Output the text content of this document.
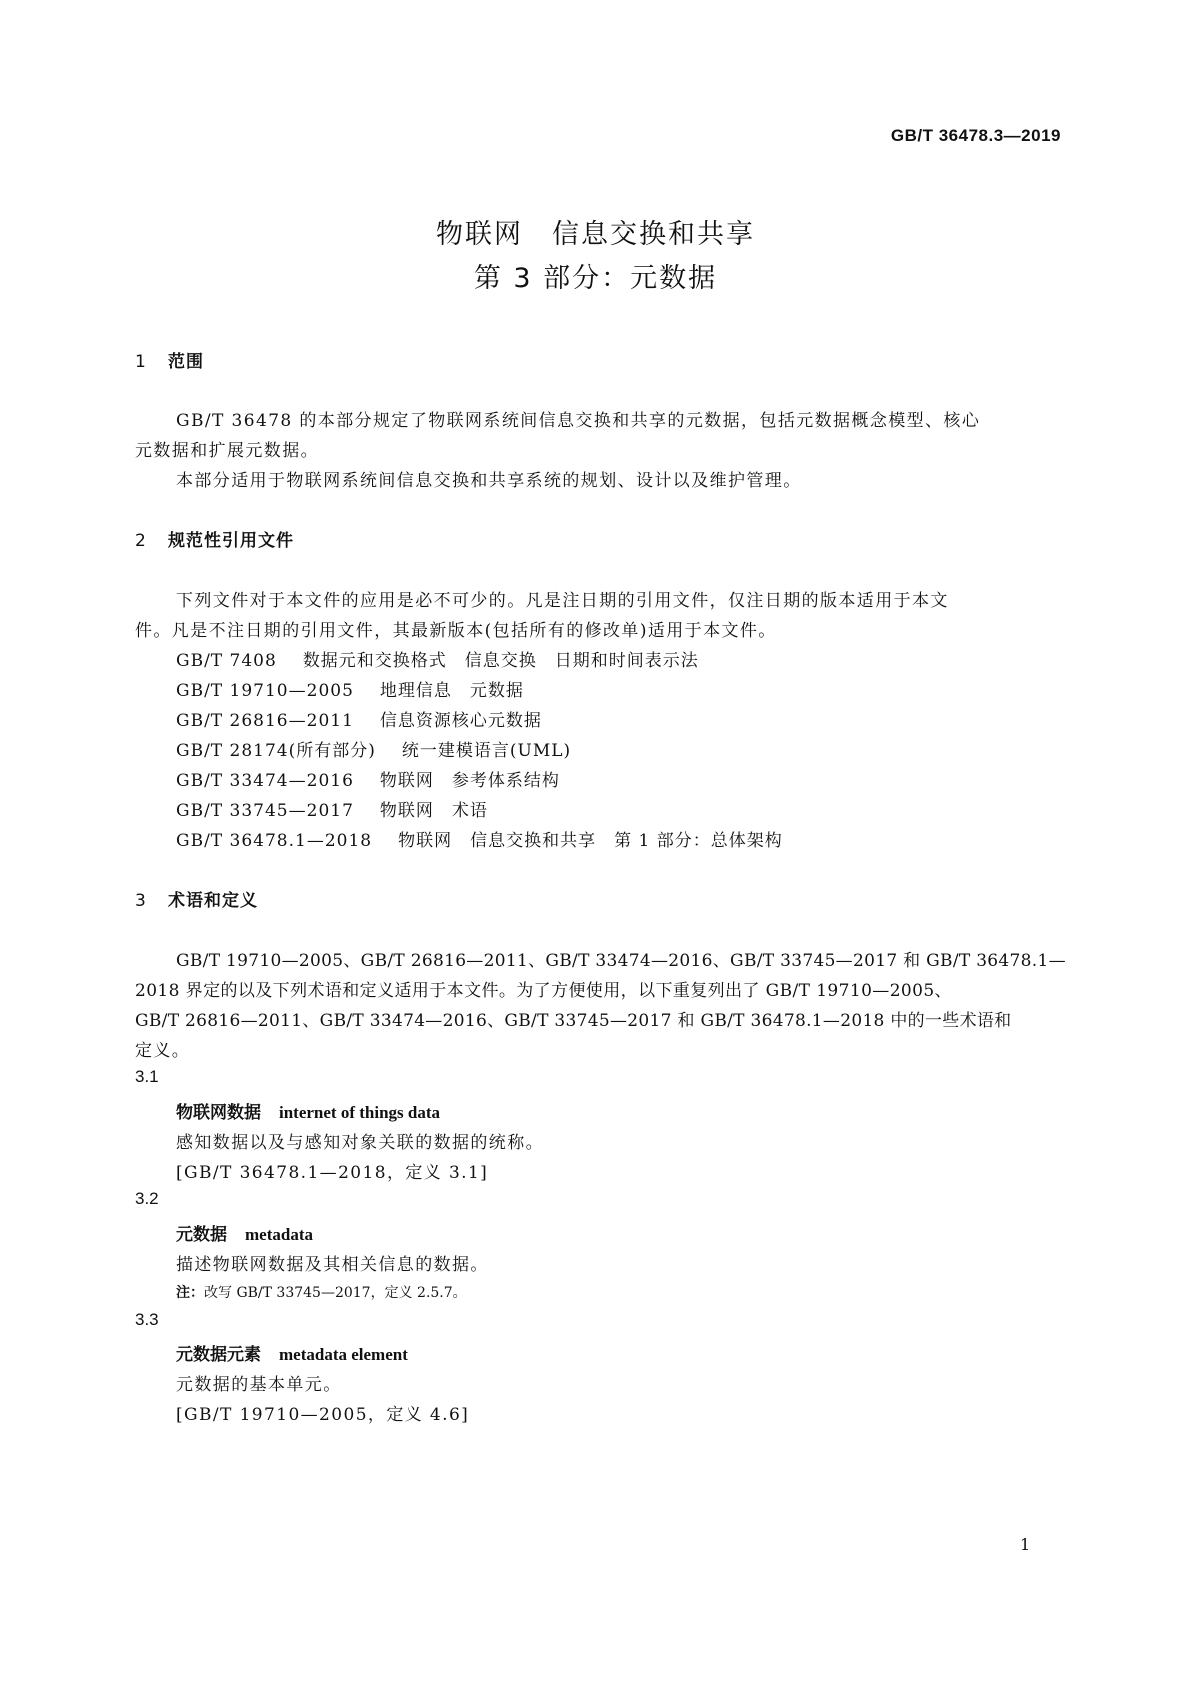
GB/T 36478.3—2019
物联网　信息交换和共享
第 3 部分：元数据
1 范围
GB/T 36478 的本部分规定了物联网系统间信息交换和共享的元数据，包括元数据概念模型、核心
元数据和扩展元数据。
本部分适用于物联网系统间信息交换和共享系统的规划、设计以及维护管理。
2 规范性引用文件
下列文件对于本文件的应用是必不可少的。凡是注日期的引用文件，仅注日期的版本适用于本文
件。凡是不注日期的引用文件，其最新版本(包括所有的修改单)适用于本文件。
GB/T 7408 数据元和交换格式　信息交换　日期和时间表示法
GB/T 19710—2005 地理信息　元数据
GB/T 26816—2011 信息资源核心元数据
GB/T 28174(所有部分) 统一建模语言(UML)
GB/T 33474—2016 物联网　参考体系结构
GB/T 33745—2017 物联网　术语
GB/T 36478.1—2018 物联网　信息交换和共享　第 1 部分：总体架构
3 术语和定义
GB/T 19710—2005、GB/T 26816—2011、GB/T 33474—2016、GB/T 33745—2017 和 GB/T 36478.1—
2018 界定的以及下列术语和定义适用于本文件。为了方便使用，以下重复列出了 GB/T 19710—2005、
GB/T 26816—2011、GB/T 33474—2016、GB/T 33745—2017 和 GB/T 36478.1—2018 中的一些术语和
定义。
3.1
物联网数据 internet of things data
感知数据以及与感知对象关联的数据的统称。
[GB/T 36478.1—2018，定义 3.1]
3.2
元数据 metadata
描述物联网数据及其相关信息的数据。
注：改写 GB/T 33745—2017，定义 2.5.7。
3.3
元数据元素 metadata element
元数据的基本单元。
[GB/T 19710—2005，定义 4.6]
1
